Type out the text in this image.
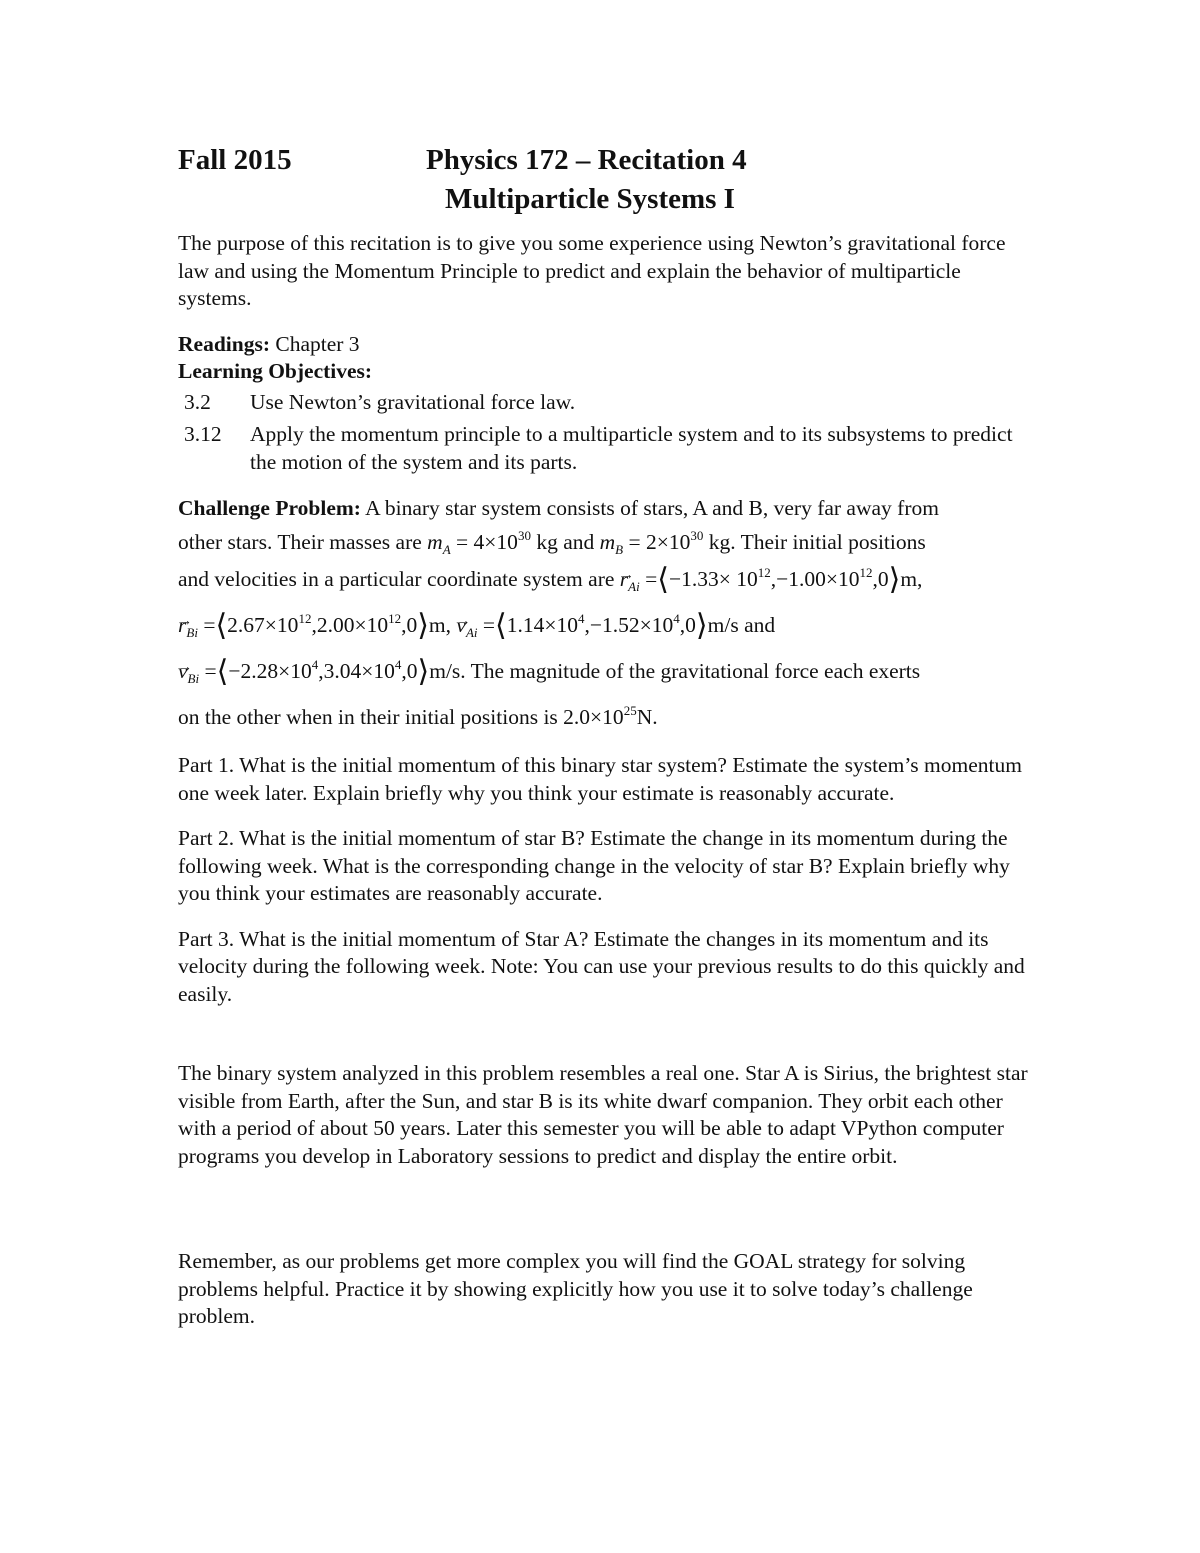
Fall 2015	Physics 172 – Recitation 4
Multiparticle Systems I

The purpose of this recitation is to give you some experience using Newton’s gravitational force law and using the Momentum Principle to predict and explain the behavior of multiparticle systems.

Readings: Chapter 3

Learning Objectives:

3.2	Use Newton’s gravitational force law.
3.12	Apply the momentum principle to a multiparticle system and to its subsystems to predict the motion of the system and its parts.
Challenge Problem: A binary star system consists of stars, A and B, very far away from
other stars. Their masses are $m_A = 4\times 10^{30}$ kg and $m_B = 2\times 10^{30}$ kg. Their initial positions
and velocities in a particular coordinate system are → $r_{Ai}$ =⟨−1.33× $10^{12},-1.00\times 10^{12},0⟩m$,
→ $r_{Bi}$ $=⟨2.67\times 10^{12},2.00\times 10^{12},0⟩m$, → $v_{Ai}$ $=⟨1.14\times 10^4,-1.52\times 10^4,0⟩m/s$ and
→ $v_{Bi}$ $=⟨-2.28\times 10^4,3.04\times 10^4,0⟩m/s$. The magnitude of the gravitational force each exerts
on the other when in their initial positions is $2.0\times 10^{25}N$.

Part 1. What is the initial momentum of this binary star system? Estimate the system’s momentum one week later. Explain briefly why you think your estimate is reasonably accurate.

Part 2. What is the initial momentum of star B? Estimate the change in its momentum during the following week. What is the corresponding change in the velocity of star B? Explain briefly why you think your estimates are reasonably accurate.

Part 3. What is the initial momentum of Star A? Estimate the changes in its momentum and its velocity during the following week. Note: You can use your previous results to do this quickly and easily.

The binary system analyzed in this problem resembles a real one. Star A is Sirius, the brightest star visible from Earth, after the Sun, and star B is its white dwarf companion. They orbit each other with a period of about 50 years. Later this semester you will be able to adapt VPython computer programs you develop in Laboratory sessions to predict and display the entire orbit.

Remember, as our problems get more complex you will find the GOAL strategy for solving problems helpful. Practice it by showing explicitly how you use it to solve today’s challenge problem.
